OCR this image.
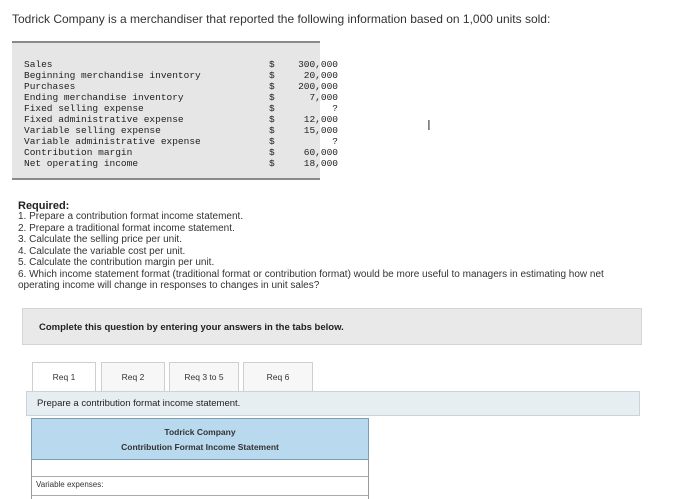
Todrick Company is a merchandiser that reported the following information based on 1,000 units sold:
Sales	$	300,000
Beginning merchandise inventory	$	20,000
Purchases	$	200,000
Ending merchandise inventory	$	7,000
Fixed selling expense	$	?
Fixed administrative expense	$	12,000
Variable selling expense	$	15,000
Variable administrative expense	$	?
Contribution margin	$	60,000
Net operating income	$	18,000
I
Required:
1. Prepare a contribution format income statement.
2. Prepare a traditional format income statement.
3. Calculate the selling price per unit.
4. Calculate the variable cost per unit.
5. Calculate the contribution margin per unit.
6. Which income statement format (traditional format or contribution format) would be more useful to managers in estimating how net
operating income will change in responses to changes in unit sales?
Complete this question by entering your answers in the tabs below.
Req 1	Req 2	Req 3 to 5	Req 6
Prepare a contribution format income statement.
Todrick Company
Contribution Format Income Statement
Variable expenses:
